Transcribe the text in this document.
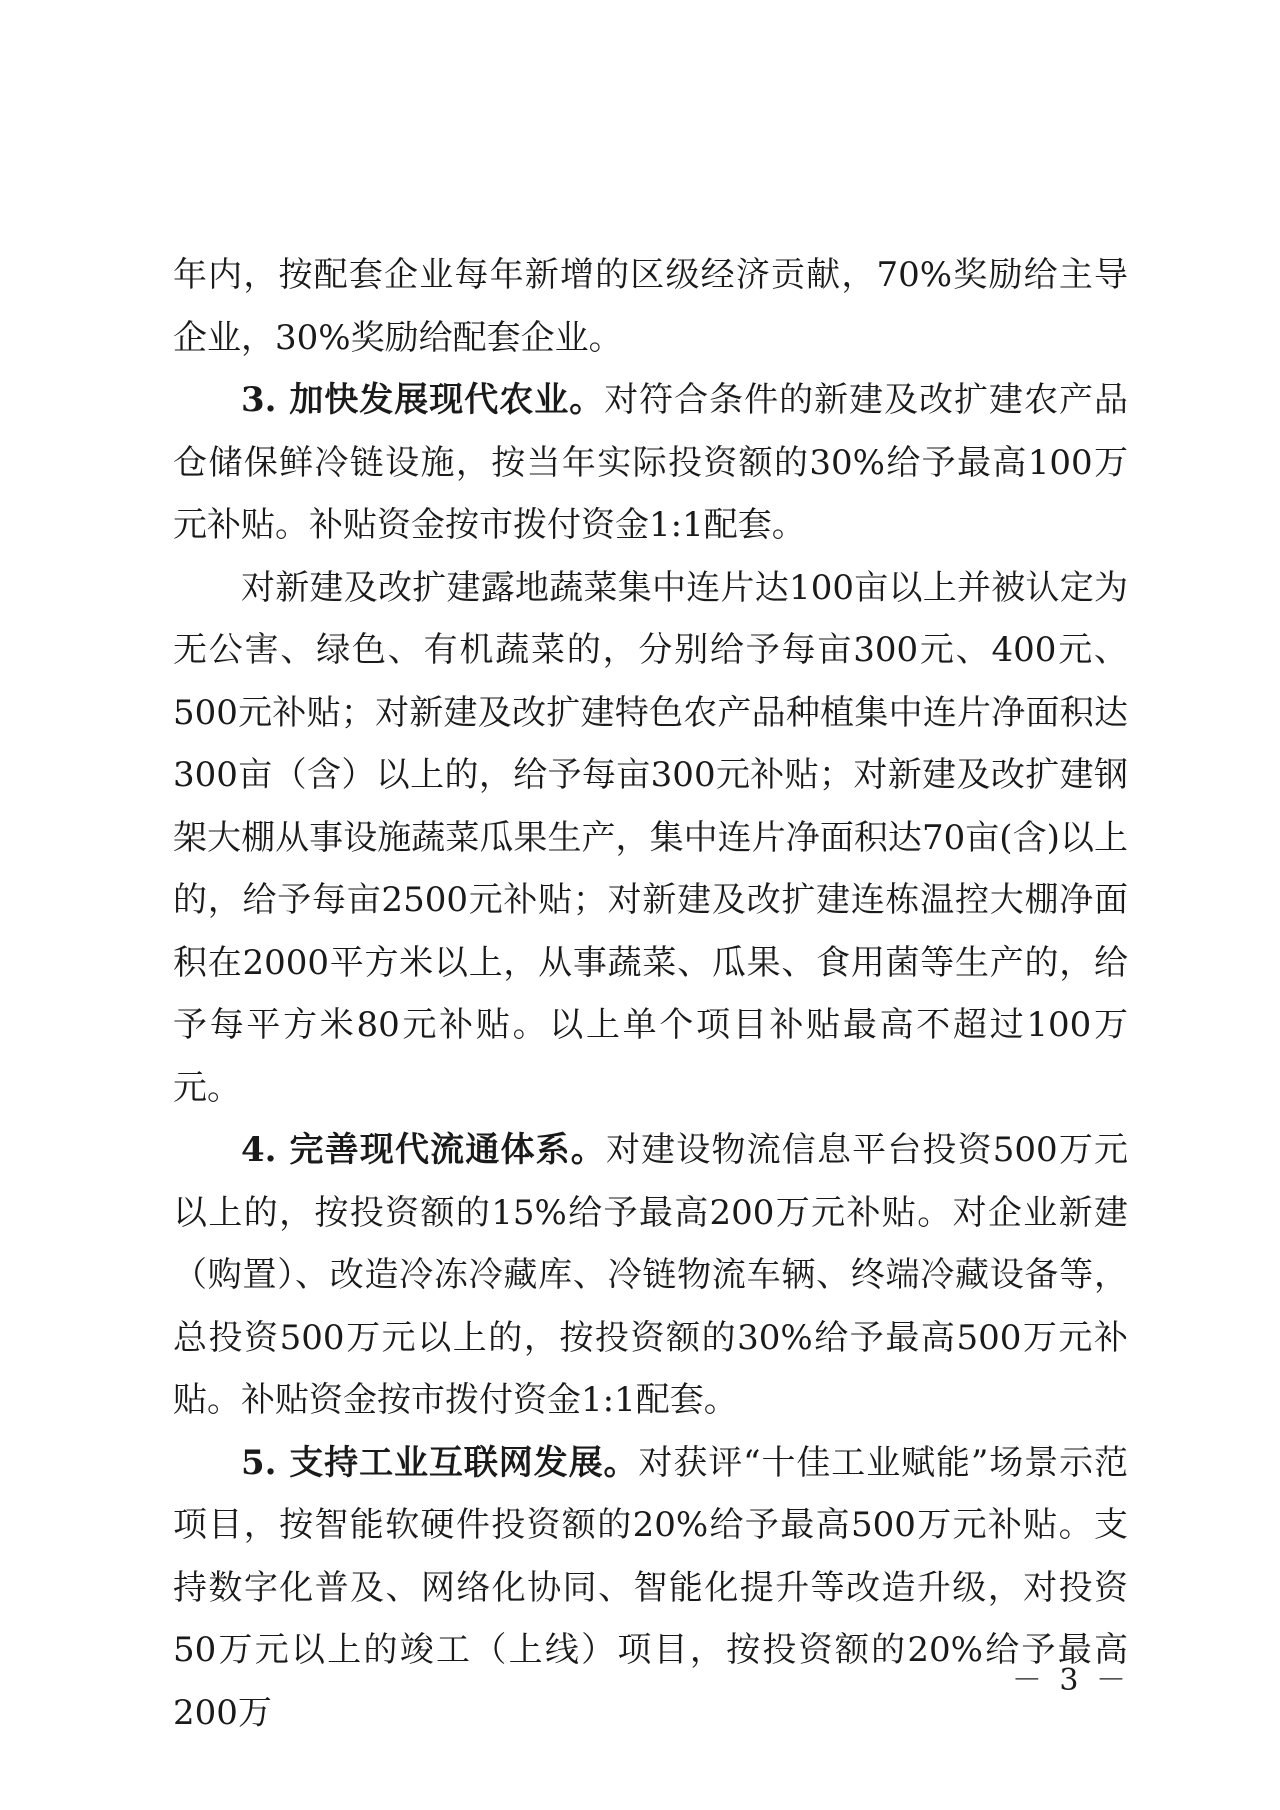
年内，按配套企业每年新增的区级经济贡献，70%奖励给主导企业，30%奖励给配套企业。

3. 加快发展现代农业。对符合条件的新建及改扩建农产品仓储保鲜冷链设施，按当年实际投资额的30%给予最高100万元补贴。补贴资金按市拨付资金1:1配套。

对新建及改扩建露地蔬菜集中连片达100亩以上并被认定为无公害、绿色、有机蔬菜的，分别给予每亩300元、400元、500元补贴；对新建及改扩建特色农产品种植集中连片净面积达300亩（含）以上的，给予每亩300元补贴；对新建及改扩建钢架大棚从事设施蔬菜瓜果生产，集中连片净面积达70亩(含)以上的，给予每亩2500元补贴；对新建及改扩建连栋温控大棚净面积在2000平方米以上，从事蔬菜、瓜果、食用菌等生产的，给予每平方米80元补贴。以上单个项目补贴最高不超过100万元。

4. 完善现代流通体系。对建设物流信息平台投资500万元以上的，按投资额的15%给予最高200万元补贴。对企业新建（购置）、改造冷冻冷藏库、冷链物流车辆、终端冷藏设备等，总投资500万元以上的，按投资额的30%给予最高500万元补贴。补贴资金按市拨付资金1:1配套。

5. 支持工业互联网发展。对获评“十佳工业赋能”场景示范项目，按智能软硬件投资额的20%给予最高500万元补贴。支持数字化普及、网络化协同、智能化提升等改造升级，对投资50万元以上的竣工（上线）项目，按投资额的20%给予最高200万

－ 3 －
